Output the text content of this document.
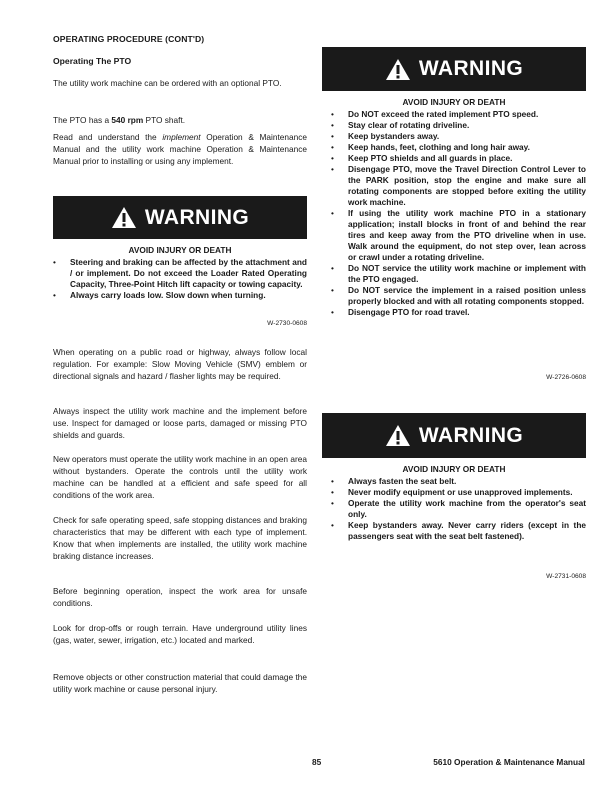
OPERATING PROCEDURE (CONT'D)
Operating The PTO
The utility work machine can be ordered with an optional PTO.
The PTO has a 540 rpm PTO shaft.
Read and understand the implement Operation & Maintenance Manual and the utility work machine Operation & Maintenance Manual prior to installing or using any implement.
WARNING
AVOID INJURY OR DEATH
• Steering and braking can be affected by the attachment and / or implement. Do not exceed the Loader Rated Operating Capacity, Three-Point Hitch lift capacity or towing capacity.
• Always carry loads low. Slow down when turning.
W-2730-0608
When operating on a public road or highway, always follow local regulation. For example: Slow Moving Vehicle (SMV) emblem or directional signals and hazard / flasher lights may be required.
Always inspect the utility work machine and the implement before use. Inspect for damaged or loose parts, damaged or missing PTO shields and guards.
New operators must operate the utility work machine in an open area without bystanders. Operate the controls until the utility work machine can be handled at a efficient and safe speed for all conditions of the work area.
Check for safe operating speed, safe stopping distances and braking characteristics that may be different with each type of implement. Know that when implements are installed, the utility work machine braking distance increases.
Before beginning operation, inspect the work area for unsafe conditions.
Look for drop-offs or rough terrain. Have underground utility lines (gas, water, sewer, irrigation, etc.) located and marked.
Remove objects or other construction material that could damage the utility work machine or cause personal injury.
WARNING
AVOID INJURY OR DEATH
• Do NOT exceed the rated implement PTO speed.
• Stay clear of rotating driveline.
• Keep bystanders away.
• Keep hands, feet, clothing and long hair away.
• Keep PTO shields and all guards in place.
• Disengage PTO, move the Travel Direction Control Lever to the PARK position, stop the engine and make sure all rotating components are stopped before exiting the utility work machine.
• If using the utility work machine PTO in a stationary application; install blocks in front of and behind the rear tires and keep away from the PTO driveline when in use. Walk around the equipment, do not step over, lean across or crawl under a rotating driveline.
• Do NOT service the utility work machine or implement with the PTO engaged.
• Do NOT service the implement in a raised position unless properly blocked and with all rotating components stopped.
• Disengage PTO for road travel.
W-2726-0608
WARNING
AVOID INJURY OR DEATH
• Always fasten the seat belt.
• Never modify equipment or use unapproved implements.
• Operate the utility work machine from the operator's seat only.
• Keep bystanders away. Never carry riders (except in the passengers seat with the seat belt fastened).
W-2731-0608
85	5610 Operation & Maintenance Manual
